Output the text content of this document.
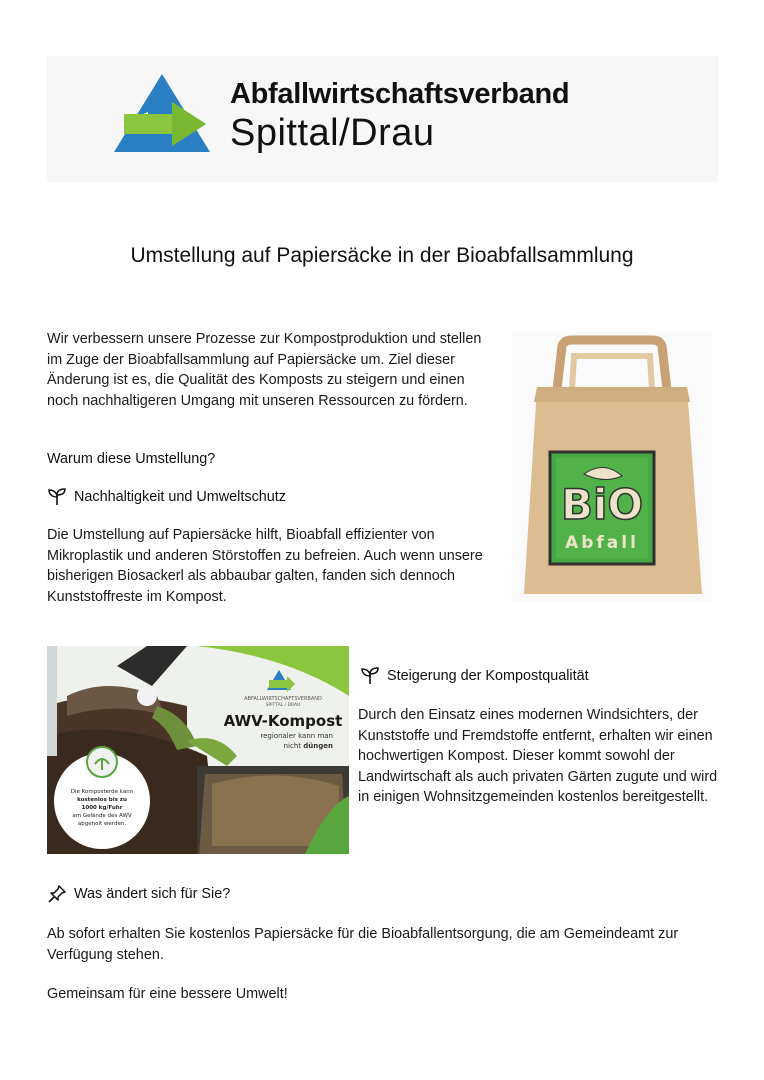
Abfallwirtschaftsverband
Spittal/Drau
Umstellung auf Papiersäcke in der Bioabfallsammlung

Wir verbessern unsere Prozesse zur Kompostproduktion und stellen im Zuge der Bioabfallsammlung auf Papiersäcke um. Ziel dieser Änderung ist es, die Qualität des Komposts zu steigern und einen noch nachhaltigeren Umgang mit unseren Ressourcen zu fördern.

Warum diese Umstellung?

Nachhaltigkeit und Umweltschutz

Die Umstellung auf Papiersäcke hilft, Bioabfall effizienter von Mikroplastik und anderen Störstoffen zu befreien. Auch wenn unsere bisherigen Biosackerl als abbaubar galten, fanden sich dennoch Kunststoffreste im Kompost.

BiO
Abfall
Die Komposterde kann
kostenlos bis zu
1000 kg/Fuhr
am Gelände des AWV
abgeholt werden.
ABFALLWIRTSCHAFTSVERBAND
SPITTAL / DRAU
AWV-Kompost
regionaler kann man
nicht düngen

Steigerung der Kompostqualität

Durch den Einsatz eines modernen Windsichters, der Kunststoffe und Fremdstoffe entfernt, erhalten wir einen hochwertigen Kompost. Dieser kommt sowohl der Landwirtschaft als auch privaten Gärten zugute und wird in einigen Wohnsitzgemeinden kostenlos bereitgestellt.

Was ändert sich für Sie?

Ab sofort erhalten Sie kostenlos Papiersäcke für die Bioabfallentsorgung, die am Gemeindeamt zur Verfügung stehen.

Gemeinsam für eine bessere Umwelt!
